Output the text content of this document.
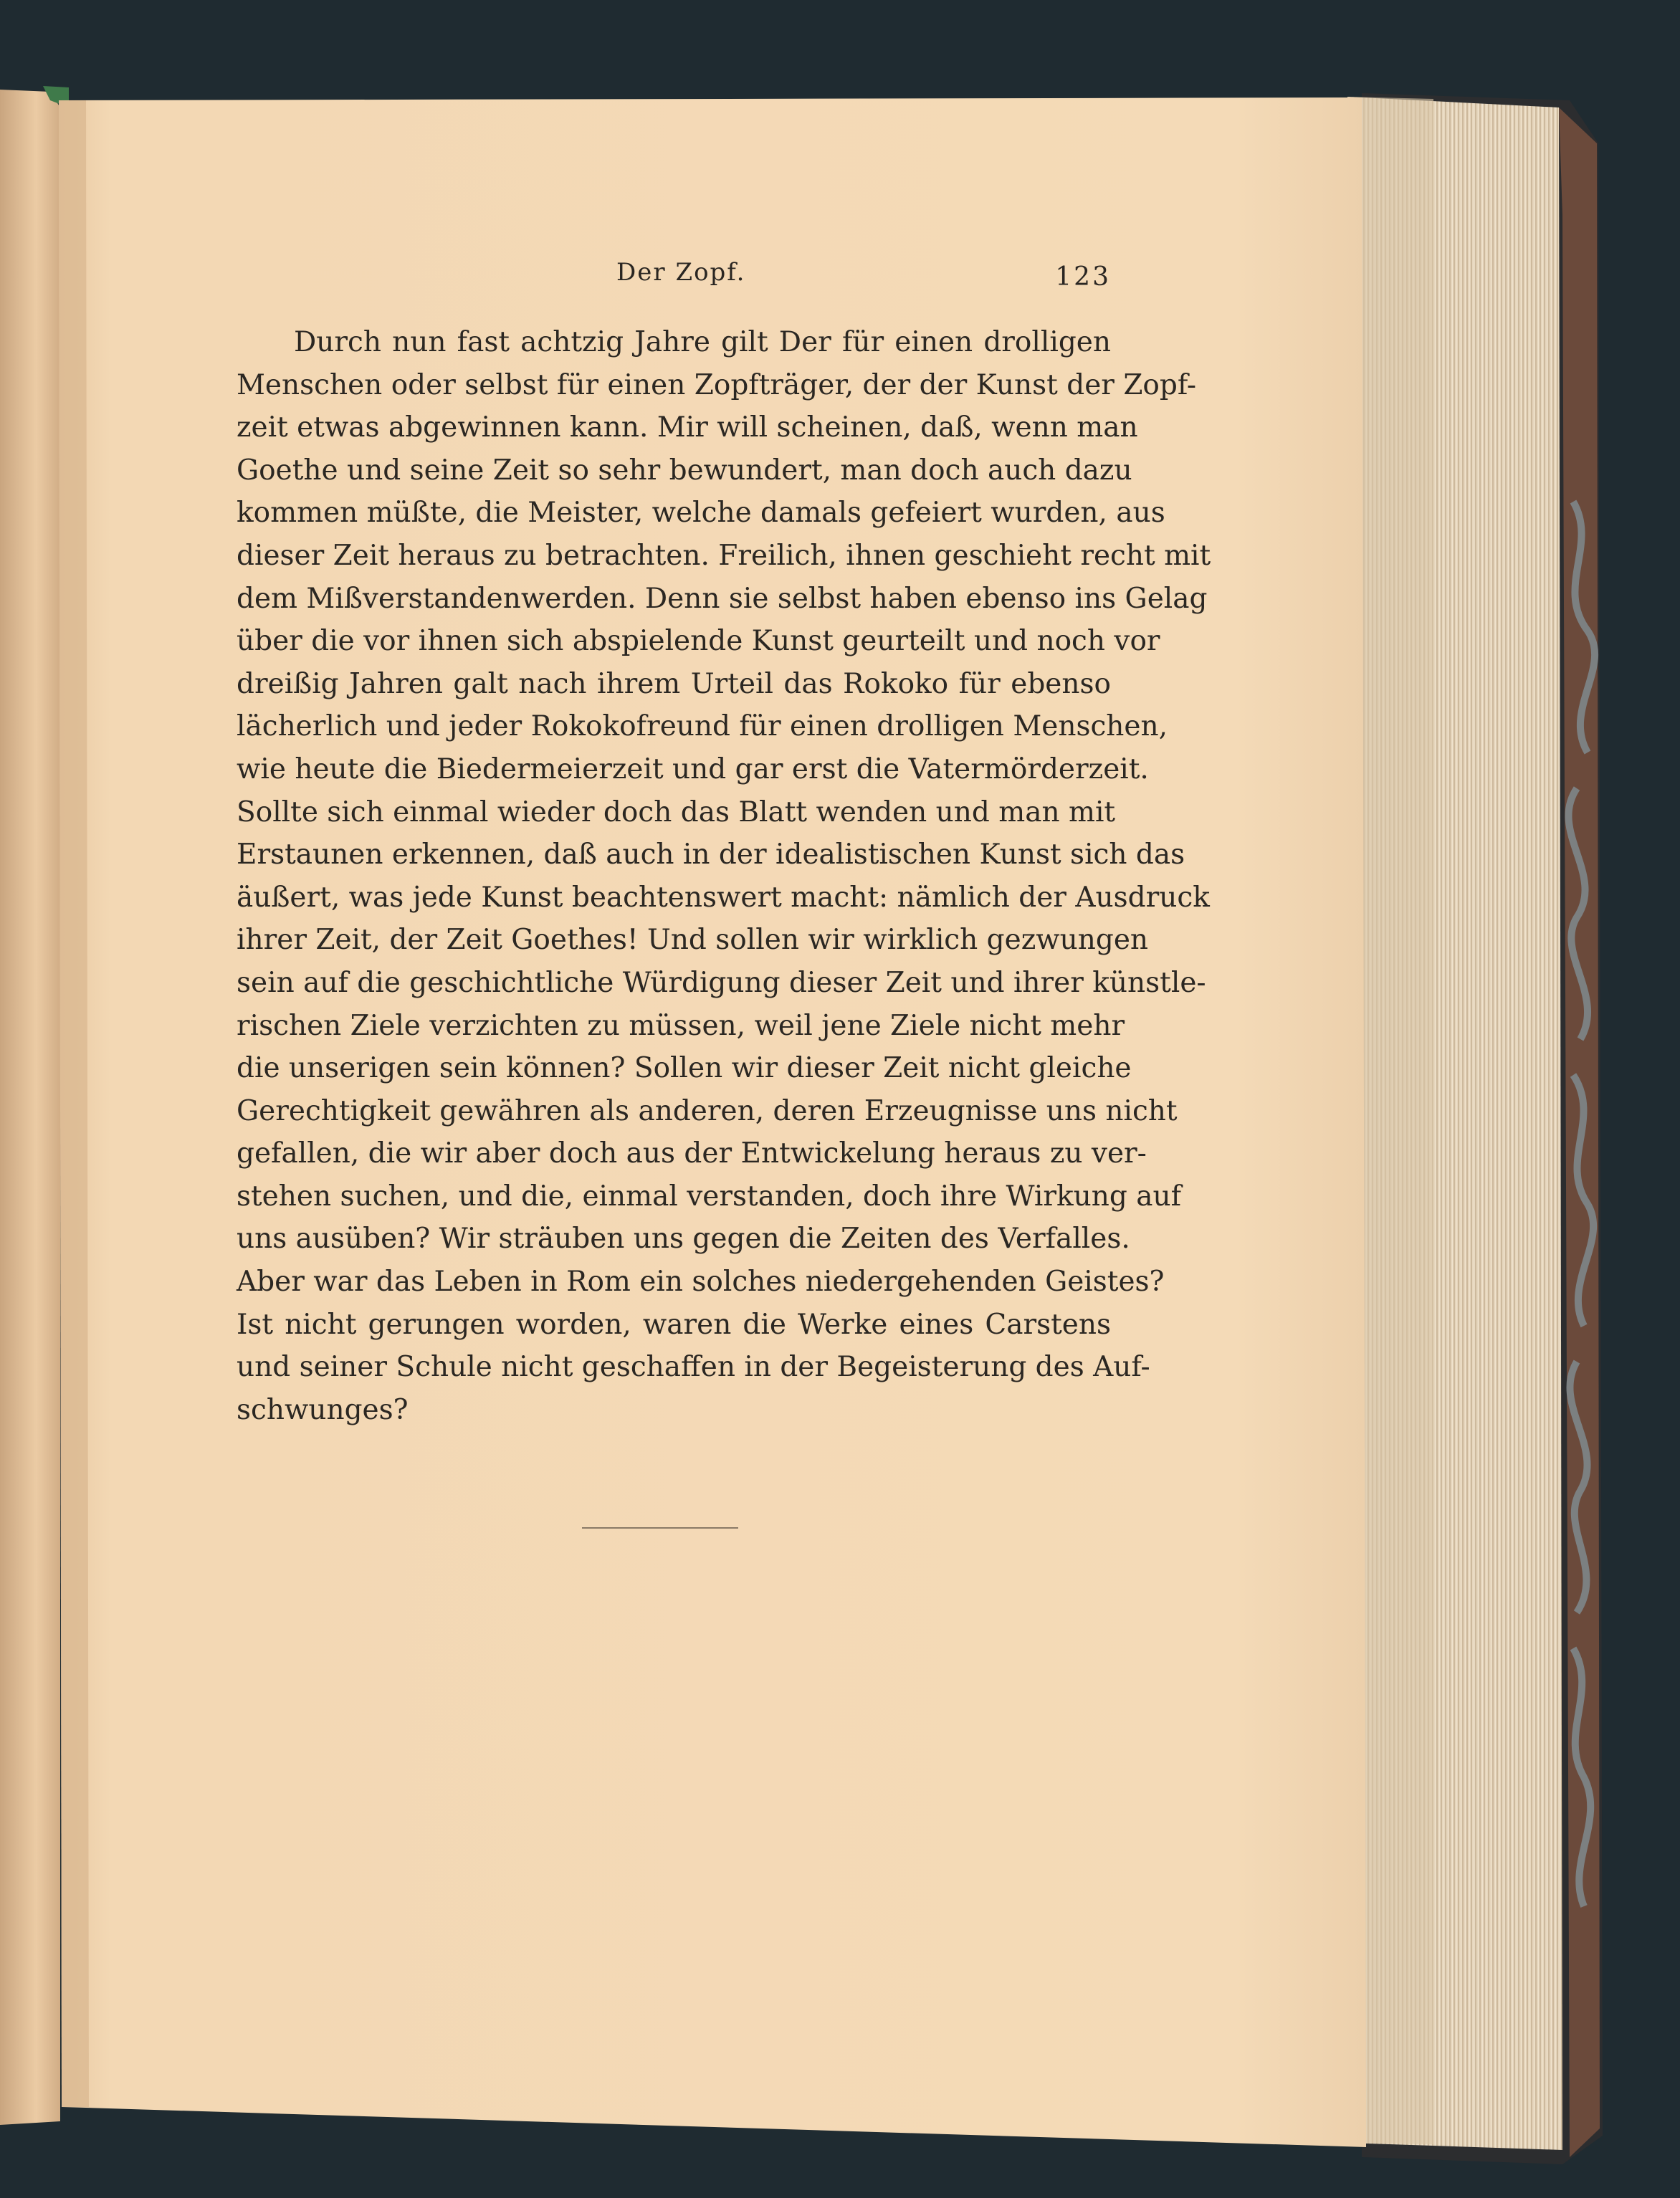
Der Zopf.	123
Durch nun fast achtzig Jahre gilt Der für einen drolligen
Menschen oder selbst für einen Zopfträger, der der Kunst der Zopf-
zeit etwas abgewinnen kann. Mir will scheinen, daß, wenn man
Goethe und seine Zeit so sehr bewundert, man doch auch dazu
kommen müßte, die Meister, welche damals gefeiert wurden, aus
dieser Zeit heraus zu betrachten. Freilich, ihnen geschieht recht mit
dem Mißverstandenwerden. Denn sie selbst haben ebenso ins Gelag
über die vor ihnen sich abspielende Kunst geurteilt und noch vor
dreißig Jahren galt nach ihrem Urteil das Rokoko für ebenso
lächerlich und jeder Rokokofreund für einen drolligen Menschen,
wie heute die Biedermeierzeit und gar erst die Vatermörderzeit.
Sollte sich einmal wieder doch das Blatt wenden und man mit
Erstaunen erkennen, daß auch in der idealistischen Kunst sich das
äußert, was jede Kunst beachtenswert macht: nämlich der Ausdruck
ihrer Zeit, der Zeit Goethes! Und sollen wir wirklich gezwungen
sein auf die geschichtliche Würdigung dieser Zeit und ihrer künstle-
rischen Ziele verzichten zu müssen, weil jene Ziele nicht mehr
die unserigen sein können? Sollen wir dieser Zeit nicht gleiche
Gerechtigkeit gewähren als anderen, deren Erzeugnisse uns nicht
gefallen, die wir aber doch aus der Entwickelung heraus zu ver-
stehen suchen, und die, einmal verstanden, doch ihre Wirkung auf
uns ausüben? Wir sträuben uns gegen die Zeiten des Verfalles.
Aber war das Leben in Rom ein solches niedergehenden Geistes?
Ist nicht gerungen worden, waren die Werke eines Carstens
und seiner Schule nicht geschaffen in der Begeisterung des Auf-
schwunges?
